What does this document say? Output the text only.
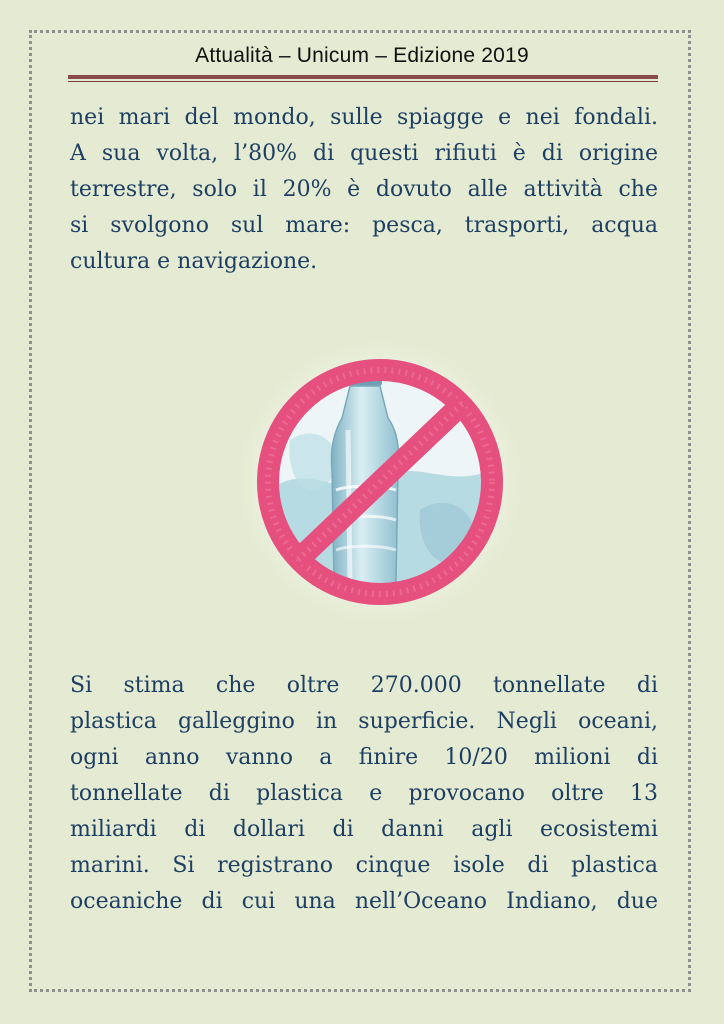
Attualità – Unicum – Edizione 2019
nei mari del mondo, sulle spiagge e nei fondali.
A sua volta, l’80% di questi rifiuti è di origine
terrestre, solo il 20% è dovuto alle attività che
si svolgono sul mare: pesca, trasporti, acqua
cultura e navigazione.
Si stima che oltre 270.000 tonnellate di
plastica galleggino in superficie. Negli oceani,
ogni anno vanno a finire 10/20 milioni di
tonnellate di plastica e provocano oltre 13
miliardi di dollari di danni agli ecosistemi
marini. Si registrano cinque isole di plastica
oceaniche di cui una nell’Oceano Indiano, due
